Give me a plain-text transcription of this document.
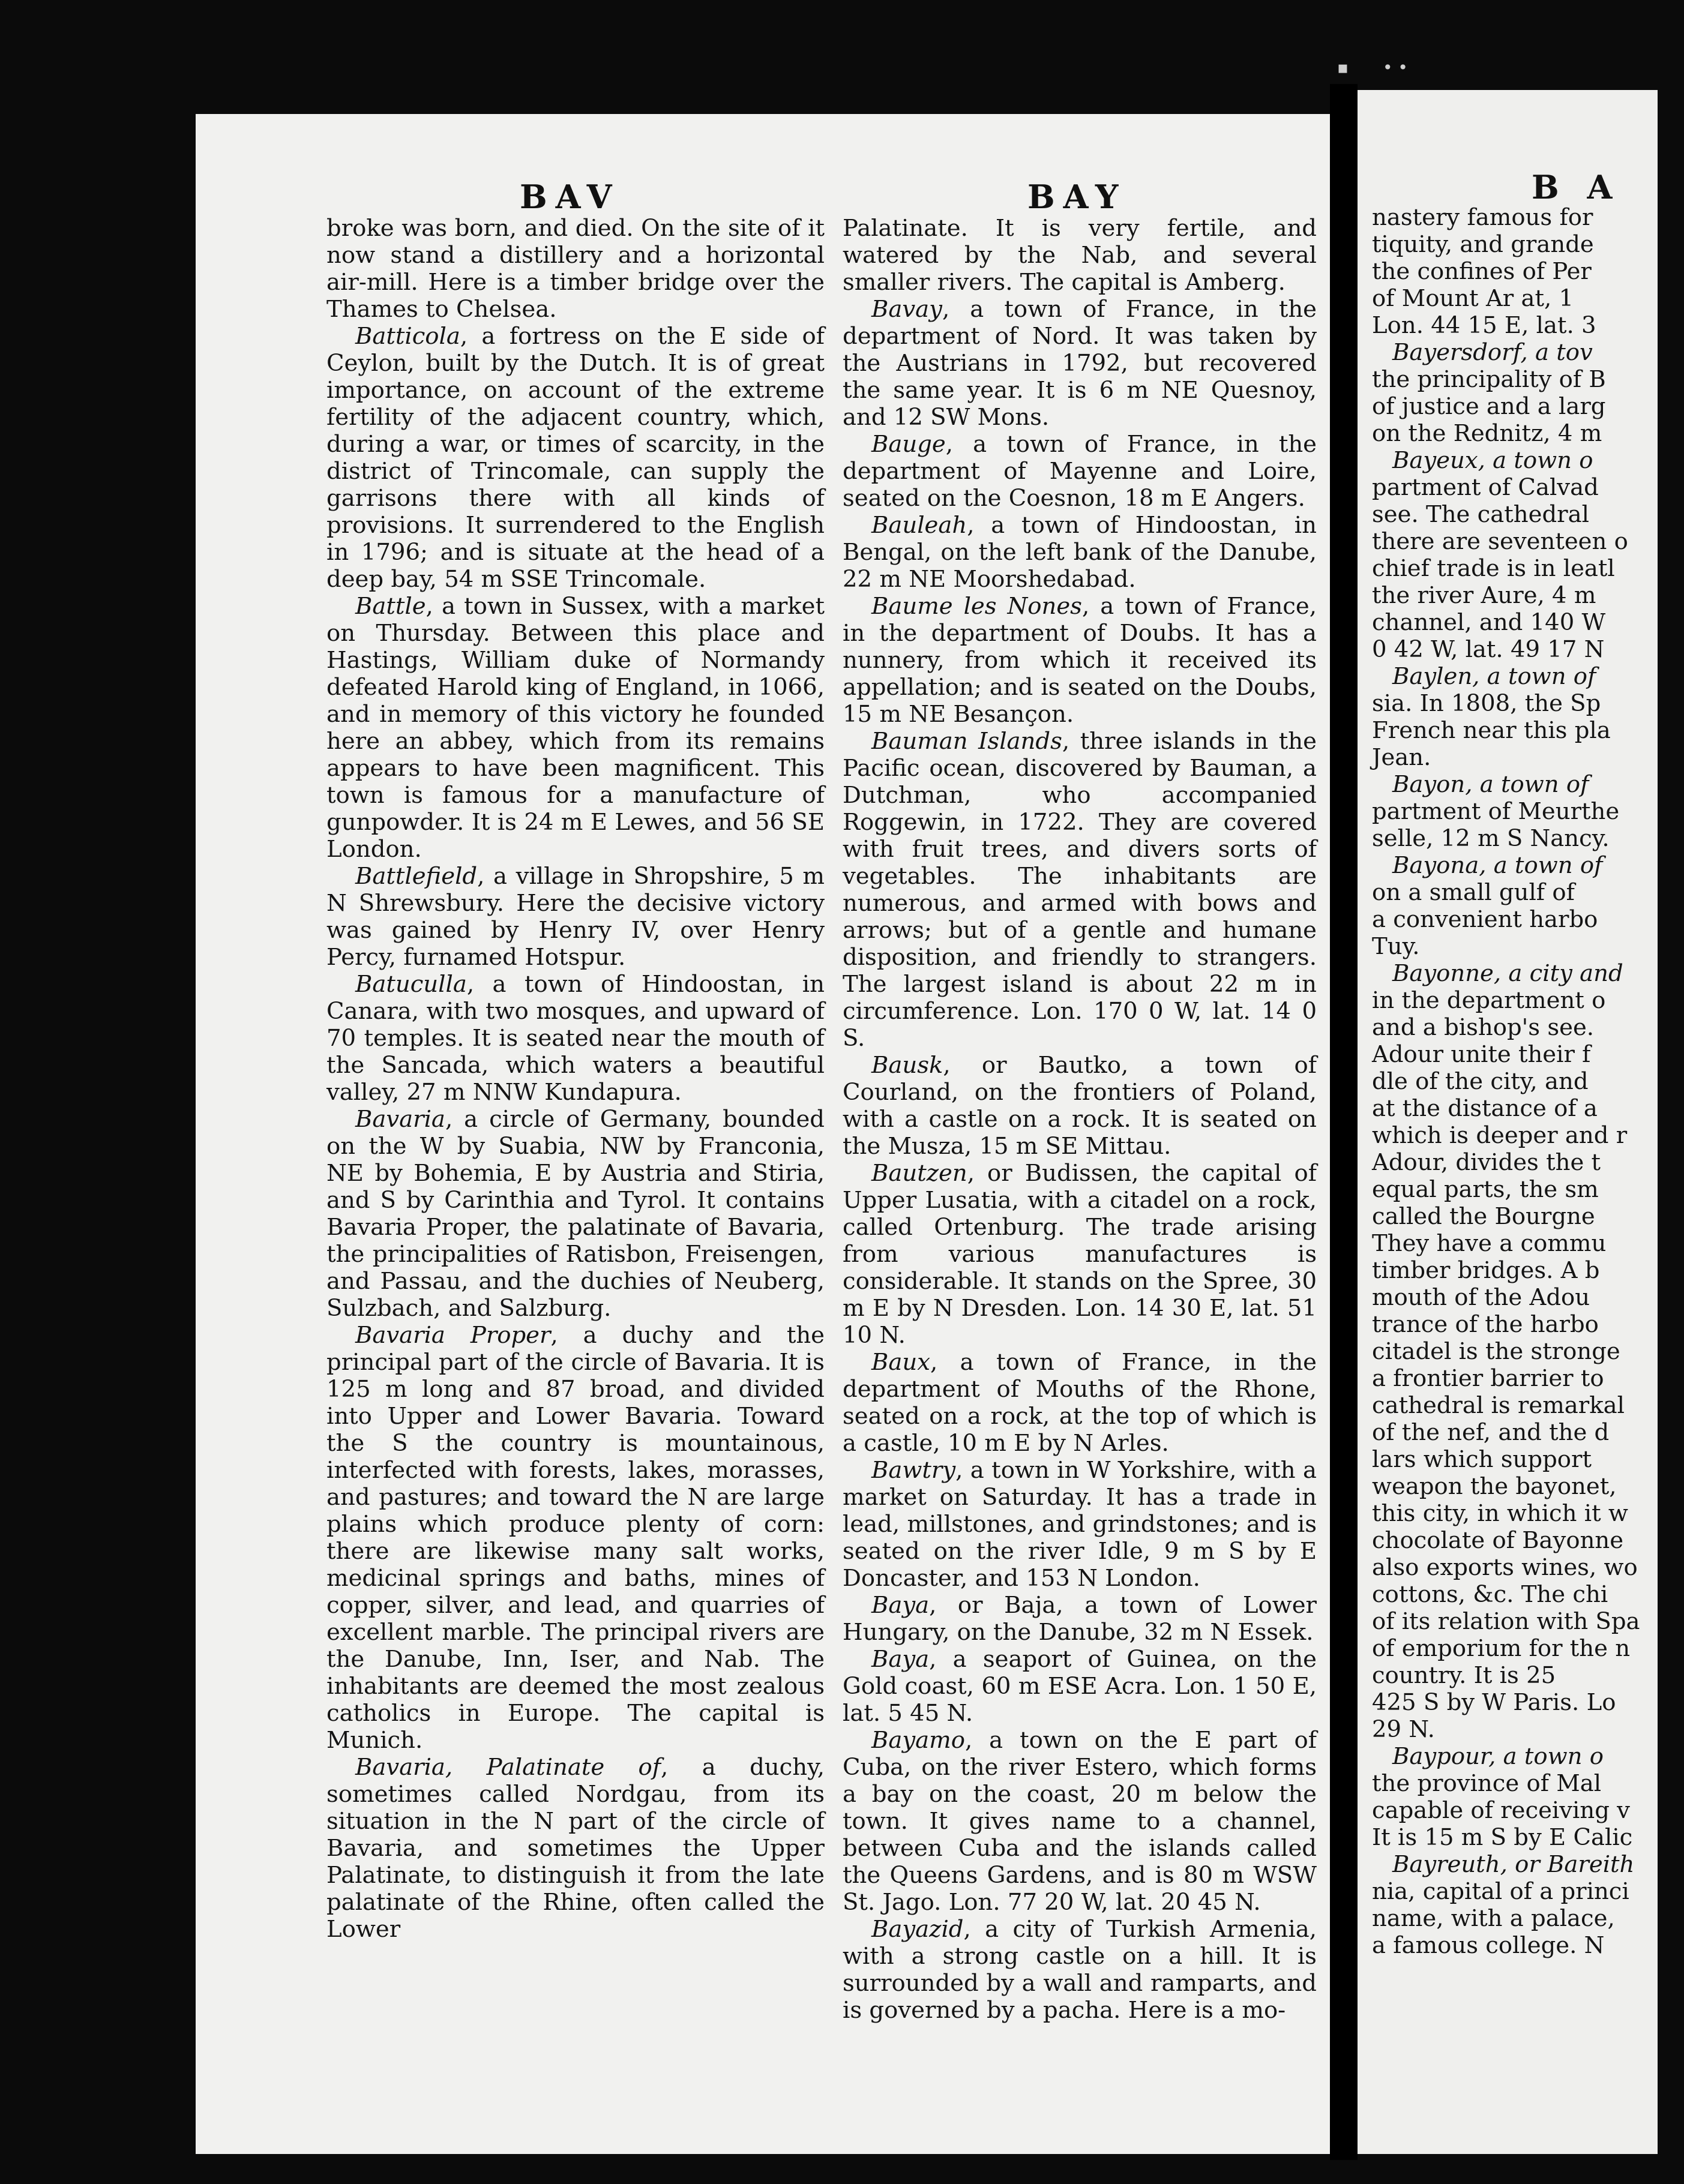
BAV	BAY

broke was born, and died. On the site of it now stand a distillery and a horizontal air-mill. Here is a timber bridge over the Thames to Chelsea.

Batticola, a fortress on the E side of Ceylon, built by the Dutch. It is of great importance, on account of the extreme fertility of the adjacent country, which, during a war, or times of scarcity, in the district of Trincomale, can supply the garrisons there with all kinds of provisions. It surrendered to the English in 1796; and is situate at the head of a deep bay, 54 m SSE Trincomale.

Battle, a town in Sussex, with a market on Thursday. Between this place and Hastings, William duke of Normandy defeated Harold king of England, in 1066, and in memory of this victory he founded here an abbey, which from its remains appears to have been magnificent. This town is famous for a manufacture of gunpowder. It is 24 m E Lewes, and 56 SE London.

Battlefield, a village in Shropshire, 5 m N Shrewsbury. Here the decisive victory was gained by Henry IV, over Henry Percy, furnamed Hotspur.

Batuculla, a town of Hindoostan, in Canara, with two mosques, and upward of 70 temples. It is seated near the mouth of the Sancada, which waters a beautiful valley, 27 m NNW Kundapura.

Bavaria, a circle of Germany, bounded on the W by Suabia, NW by Franconia, NE by Bohemia, E by Austria and Stiria, and S by Carinthia and Tyrol. It contains Bavaria Proper, the palatinate of Bavaria, the principalities of Ratisbon, Freisengen, and Passau, and the duchies of Neuberg, Sulzbach, and Salzburg.

Bavaria Proper, a duchy and the principal part of the circle of Bavaria. It is 125 m long and 87 broad, and divided into Upper and Lower Bavaria. Toward the S the country is mountainous, interfected with forests, lakes, morasses, and pastures; and toward the N are large plains which produce plenty of corn: there are likewise many salt works, medicinal springs and baths, mines of copper, silver, and lead, and quarries of excellent marble. The principal rivers are the Danube, Inn, Iser, and Nab. The inhabitants are deemed the most zealous catholics in Europe. The capital is Munich.

Bavaria, Palatinate of, a duchy, sometimes called Nordgau, from its situation in the N part of the circle of Bavaria, and sometimes the Upper Palatinate, to distinguish it from the late palatinate of the Rhine, often called the Lower

Palatinate. It is very fertile, and watered by the Nab, and several smaller rivers. The capital is Amberg.

Bavay, a town of France, in the department of Nord. It was taken by the Austrians in 1792, but recovered the same year. It is 6 m NE Quesnoy, and 12 SW Mons.

Bauge, a town of France, in the department of Mayenne and Loire, seated on the Coesnon, 18 m E Angers.

Bauleah, a town of Hindoostan, in Bengal, on the left bank of the Danube, 22 m NE Moorshedabad.

Baume les Nones, a town of France, in the department of Doubs. It has a nunnery, from which it received its appellation; and is seated on the Doubs, 15 m NE Besançon.

Bauman Islands, three islands in the Pacific ocean, discovered by Bauman, a Dutchman, who accompanied Roggewin, in 1722. They are covered with fruit trees, and divers sorts of vegetables. The inhabitants are numerous, and armed with bows and arrows; but of a gentle and humane disposition, and friendly to strangers. The largest island is about 22 m in circumference. Lon. 170 0 W, lat. 14 0 S.

Bausk, or Bautko, a town of Courland, on the frontiers of Poland, with a castle on a rock. It is seated on the Musza, 15 m SE Mittau.

Bautzen, or Budissen, the capital of Upper Lusatia, with a citadel on a rock, called Ortenburg. The trade arising from various manufactures is considerable. It stands on the Spree, 30 m E by N Dresden. Lon. 14 30 E, lat. 51 10 N.

Baux, a town of France, in the department of Mouths of the Rhone, seated on a rock, at the top of which is a castle, 10 m E by N Arles.

Bawtry, a town in W Yorkshire, with a market on Saturday. It has a trade in lead, millstones, and grindstones; and is seated on the river Idle, 9 m S by E Doncaster, and 153 N London.

Baya, or Baja, a town of Lower Hungary, on the Danube, 32 m N Essek.

Baya, a seaport of Guinea, on the Gold coast, 60 m ESE Acra. Lon. 1 50 E, lat. 5 45 N.

Bayamo, a town on the E part of Cuba, on the river Estero, which forms a bay on the coast, 20 m below the town. It gives name to a channel, between Cuba and the islands called the Queens Gardens, and is 80 m WSW St. Jago. Lon. 77 20 W, lat. 20 45 N.

Bayazid, a city of Turkish Armenia, with a strong castle on a hill. It is surrounded by a wall and ramparts, and is governed by a pacha. Here is a mo-

B A
nastery famous for
tiquity, and grande
the confines of Per
of Mount Ar at, 1
Lon. 44 15 E, lat. 3
Bayersdorf, a tov
the principality of B
of justice and a larg
on the Rednitz, 4 m
Bayeux, a town o
partment of Calvad
see. The cathedral
there are seventeen o
chief trade is in leatl
the river Aure, 4 m
channel, and 140 W
0 42 W, lat. 49 17 N
Baylen, a town of
sia. In 1808, the Sp
French near this pla
Jean.
Bayon, a town of
partment of Meurthe
selle, 12 m S Nancy.
Bayona, a town of
on a small gulf of
a convenient harbo
Tuy.
Bayonne, a city and
in the department o
and a bishop's see.
Adour unite their f
dle of the city, and
at the distance of a
which is deeper and r
Adour, divides the t
equal parts, the sm
called the Bourgne
They have a commu
timber bridges. A b
mouth of the Adou
trance of the harbo
citadel is the stronge
a frontier barrier to
cathedral is remarkal
of the nef, and the d
lars which support
weapon the bayonet,
this city, in which it w
chocolate of Bayonne
also exports wines, wo
cottons, &c. The chi
of its relation with Spa
of emporium for the n
country. It is 25
425 S by W Paris. Lo
29 N.
Baypour, a town o
the province of Mal
capable of receiving v
It is 15 m S by E Calic
Bayreuth, or Bareith
nia, capital of a princi
name, with a palace,
a famous college. N
▪ • •
